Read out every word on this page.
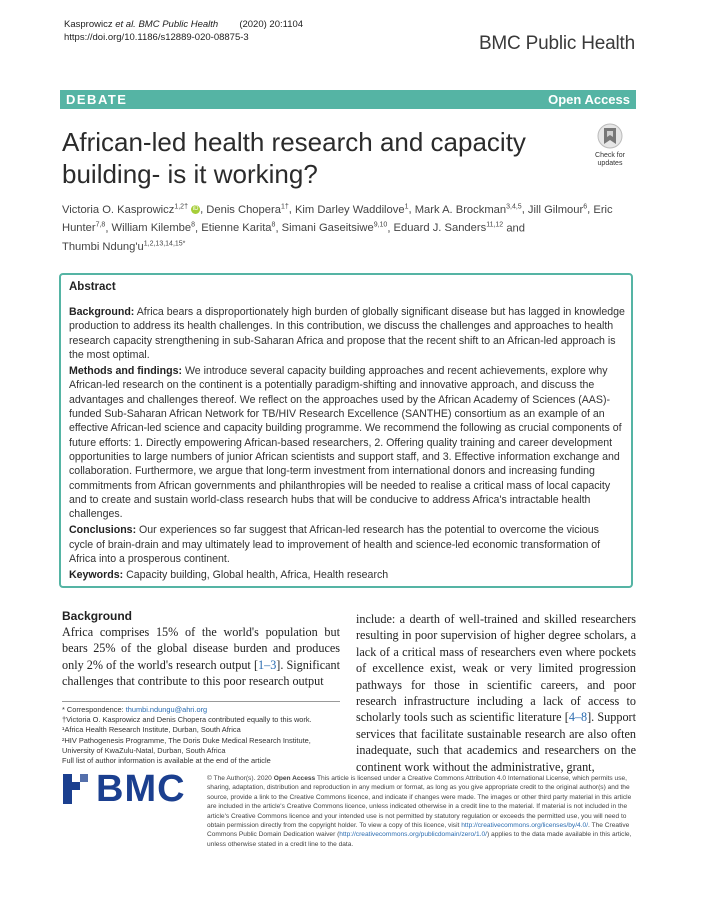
Kasprowicz et al. BMC Public Health (2020) 20:1104
https://doi.org/10.1186/s12889-020-08875-3	BMC Public Health
DEBATE	Open Access
African-led health research and capacity building- is it working?
Check for
updates
Victoria O. Kasprowicz$^{1,2\dagger}$ iD , Denis Chopera$^{1\dagger}$, Kim Darley Waddilove$^1$, Mark A. Brockman$^{3,4,5}$, Jill Gilmour$^6$, Eric Hunter$^{7,8}$, William Kilembe$^8$, Etienne Karita$^8$, Simani Gaseitsiwe$^{9,10}$, Eduard J. Sanders$^{11,12}$ and
Thumbi $Ndung'u^{1,2,13,14,15*}$
Abstract

Background: Africa bears a disproportionately high burden of globally significant disease but has lagged in knowledge production to address its health challenges. In this contribution, we discuss the challenges and approaches to health research capacity strengthening in sub-Saharan Africa and propose that the recent shift to an African-led approach is the most optimal.

Methods and findings: We introduce several capacity building approaches and recent achievements, explore why African-led research on the continent is a potentially paradigm-shifting and innovative approach, and discuss the advantages and challenges thereof. We reflect on the approaches used by the African Academy of Sciences (AAS)-funded Sub-Saharan African Network for TB/HIV Research Excellence (SANTHE) consortium as an example of an effective African-led science and capacity building programme. We recommend the following as crucial components of future efforts: 1. Directly empowering African-based researchers, 2. Offering quality training and career development opportunities to large numbers of junior African scientists and support staff, and 3. Effective information exchange and collaboration. Furthermore, we argue that long-term investment from international donors and increasing funding commitments from African governments and philanthropies will be needed to realise a critical mass of local capacity and to create and sustain world-class research hubs that will be conducive to address Africa's intractable health challenges.

Conclusions: Our experiences so far suggest that African-led research has the potential to overcome the vicious cycle of brain-drain and may ultimately lead to improvement of health and science-led economic transformation of Africa into a prosperous continent.

Keywords: Capacity building, Global health, Africa, Health research

Background
Africa comprises 15% of the world's population but bears 25% of the global disease burden and produces only 2% of the world's research output [1–3]. Significant challenges that contribute to this poor research output
include: a dearth of well-trained and skilled researchers resulting in poor supervision of higher degree scholars, a lack of a critical mass of researchers even where pockets of excellence exist, weak or very limited progression pathways for those in scientific careers, and poor research infrastructure including a lack of access to scholarly tools such as scientific literature [4–8]. Support services that facilitate sustainable research are also often inadequate, such that academics and researchers on the continent work without the administrative, grant,
* Correspondence: thumbi.ndungu@ahri.org
†Victoria O. Kasprowicz and Denis Chopera contributed equally to this work.
¹Africa Health Research Institute, Durban, South Africa
²HIV Pathogenesis Programme, The Doris Duke Medical Research Institute, University of KwaZulu-Natal, Durban, South Africa
Full list of author information is available at the end of the article
BMC	© The Author(s). 2020 Open Access This article is licensed under a Creative Commons Attribution 4.0 International License, which permits use, sharing, adaptation, distribution and reproduction in any medium or format, as long as you give appropriate credit to the original author(s) and the source, provide a link to the Creative Commons licence, and indicate if changes were made. The images or other third party material in this article are included in the article's Creative Commons licence, unless indicated otherwise in a credit line to the material. If material is not included in the article's Creative Commons licence and your intended use is not permitted by statutory regulation or exceeds the permitted use, you will need to obtain permission directly from the copyright holder. To view a copy of this licence, visit http://creativecommons.org/licenses/by/4.0/. The Creative Commons Public Domain Dedication waiver (http://creativecommons.org/publicdomain/zero/1.0/) applies to the data made available in this article, unless otherwise stated in a credit line to the data.
